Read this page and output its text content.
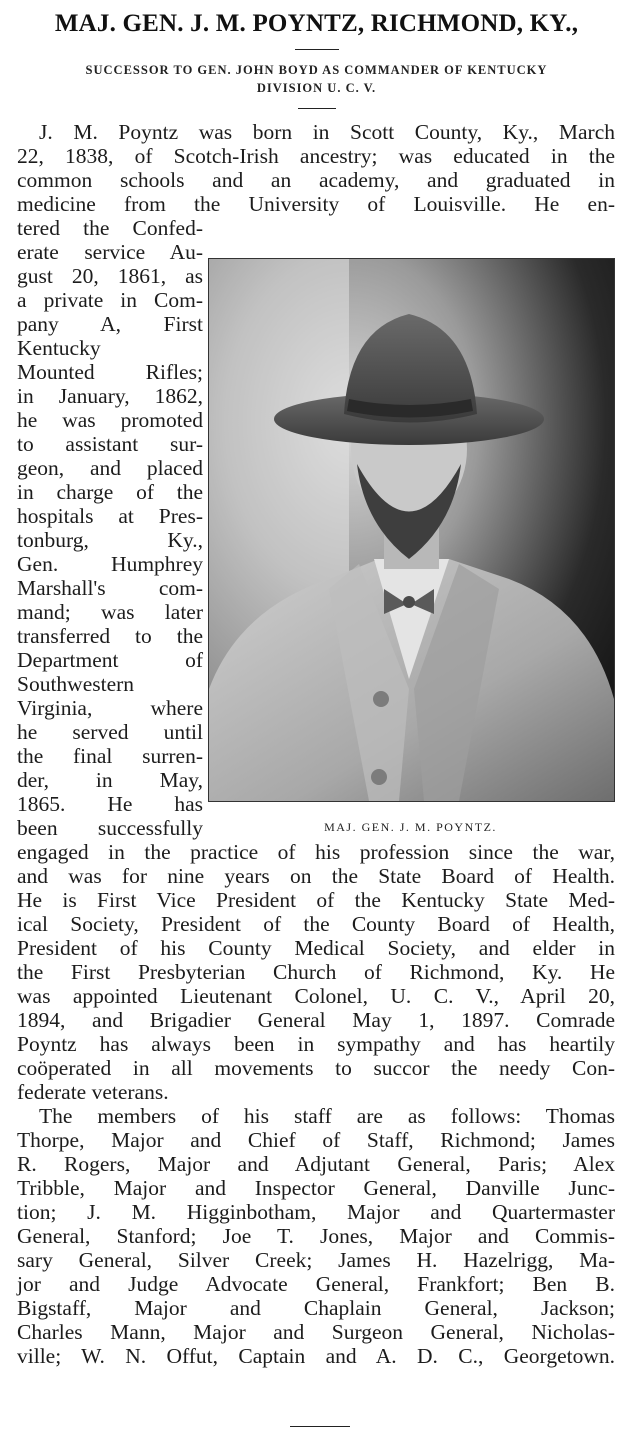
MAJ. GEN. J. M. POYNTZ, RICHMOND, KY.,
SUCCESSOR TO GEN. JOHN BOYD AS COMMANDER OF KENTUCKY
DIVISION U. C. V.
J. M. Poyntz was born in Scott County, Ky., March
22, 1838, of Scotch-Irish ancestry; was educated in the
common schools and an academy, and graduated in
medicine from the University of Louisville. He en-
tered the Confed-
erate service Au-
gust 20, 1861, as
a private in Com-
pany A, First
Kentucky
Mounted Rifles;
in January, 1862,
he was promoted
to assistant sur-
geon, and placed
in charge of the
hospitals at Pres-
tonburg, Ky.,
Gen. Humphrey
Marshall's com-
mand; was later
transferred to the
Department of
Southwestern
Virginia, where
he served until
the final surren-
der, in May,
1865. He has
been successfully
engaged in the practice of his profession since the war,
and was for nine years on the State Board of Health.
He is First Vice President of the Kentucky State Med-
ical Society, President of the County Board of Health,
President of his County Medical Society, and elder in
the First Presbyterian Church of Richmond, Ky. He
was appointed Lieutenant Colonel, U. C. V., April 20,
1894, and Brigadier General May 1, 1897. Comrade
Poyntz has always been in sympathy and has heartily
coöperated in all movements to succor the needy Con-
federate veterans.
The members of his staff are as follows: Thomas
Thorpe, Major and Chief of Staff, Richmond; James
R. Rogers, Major and Adjutant General, Paris; Alex
Tribble, Major and Inspector General, Danville Junc-
tion; J. M. Higginbotham, Major and Quartermaster
General, Stanford; Joe T. Jones, Major and Commis-
sary General, Silver Creek; James H. Hazelrigg, Ma-
jor and Judge Advocate General, Frankfort; Ben B.
Bigstaff, Major and Chaplain General, Jackson;
Charles Mann, Major and Surgeon General, Nicholas-
ville; W. N. Offut, Captain and A. D. C., Georgetown.
MAJ. GEN. J. M. POYNTZ.
